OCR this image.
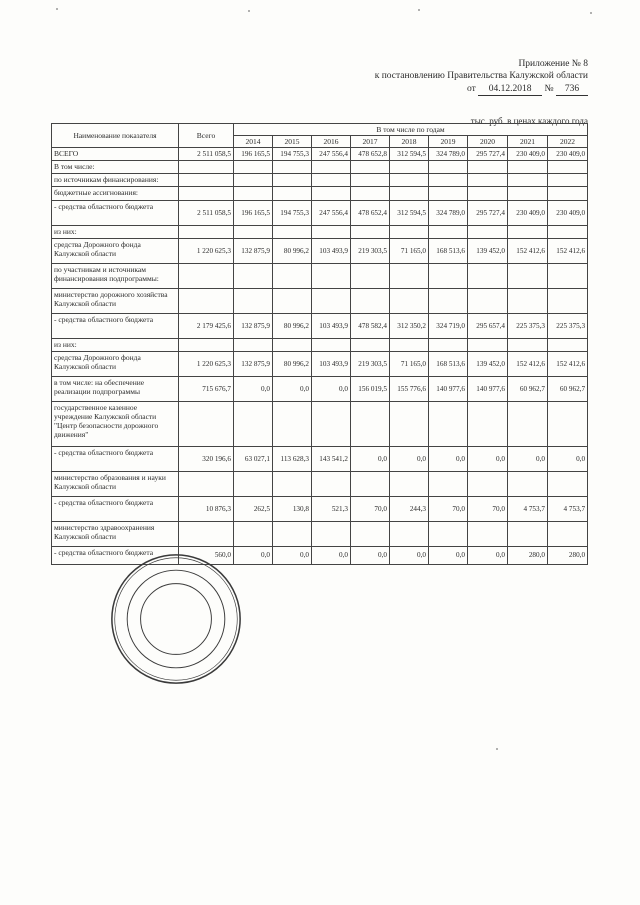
Приложение № 8
к постановлению Правительства Калужской области
от 04.12.2018 № 736
тыс. руб. в ценах каждого года
Наименование показателя	Всего	В том числе по годам								
		2014	2015	2016	2017	2018	2019	2020	2021	2022
ВСЕГО	2 511 058,5	196 165,5	194 755,3	247 556,4	478 652,8	312 594,5	324 789,0	295 727,4	230 409,0	230 409,0
В том числе:										
по источникам финансирования:										
бюджетные ассигнования:										
- средства областного бюджета	2 511 058,5	196 165,5	194 755,3	247 556,4	478 652,4	312 594,5	324 789,0	295 727,4	230 409,0	230 409,0
из них:										
средства Дорожного фонда Калужской области	1 220 625,3	132 875,9	80 996,2	103 493,9	219 303,5	71 165,0	168 513,6	139 452,0	152 412,6	152 412,6
по участникам и источникам финансирования подпрограммы:										
министерство дорожного хозяйства Калужской области										
- средства областного бюджета	2 179 425,6	132 875,9	80 996,2	103 493,9	478 582,4	312 350,2	324 719,0	295 657,4	225 375,3	225 375,3
из них:										
средства Дорожного фонда Калужской области	1 220 625,3	132 875,9	80 996,2	103 493,9	219 303,5	71 165,0	168 513,6	139 452,0	152 412,6	152 412,6
в том числе: на обеспечение реализации подпрограммы	715 676,7	0,0	0,0	0,0	156 019,5	155 776,6	140 977,6	140 977,6	60 962,7	60 962,7
государственное казенное учреждение Калужской области "Центр безопасности дорожного движения"										
- средства областного бюджета	320 196,6	63 027,1	113 628,3	143 541,2	0,0	0,0	0,0	0,0	0,0	0,0
министерство образования и науки Калужской области										
- средства областного бюджета	10 876,3	262,5	130,8	521,3	70,0	244,3	70,0	70,0	4 753,7	4 753,7
министерство здравоохранения Калужской области										
- средства областного бюджета	560,0	0,0	0,0	0,0	0,0	0,0	0,0	0,0	280,0	280,0
